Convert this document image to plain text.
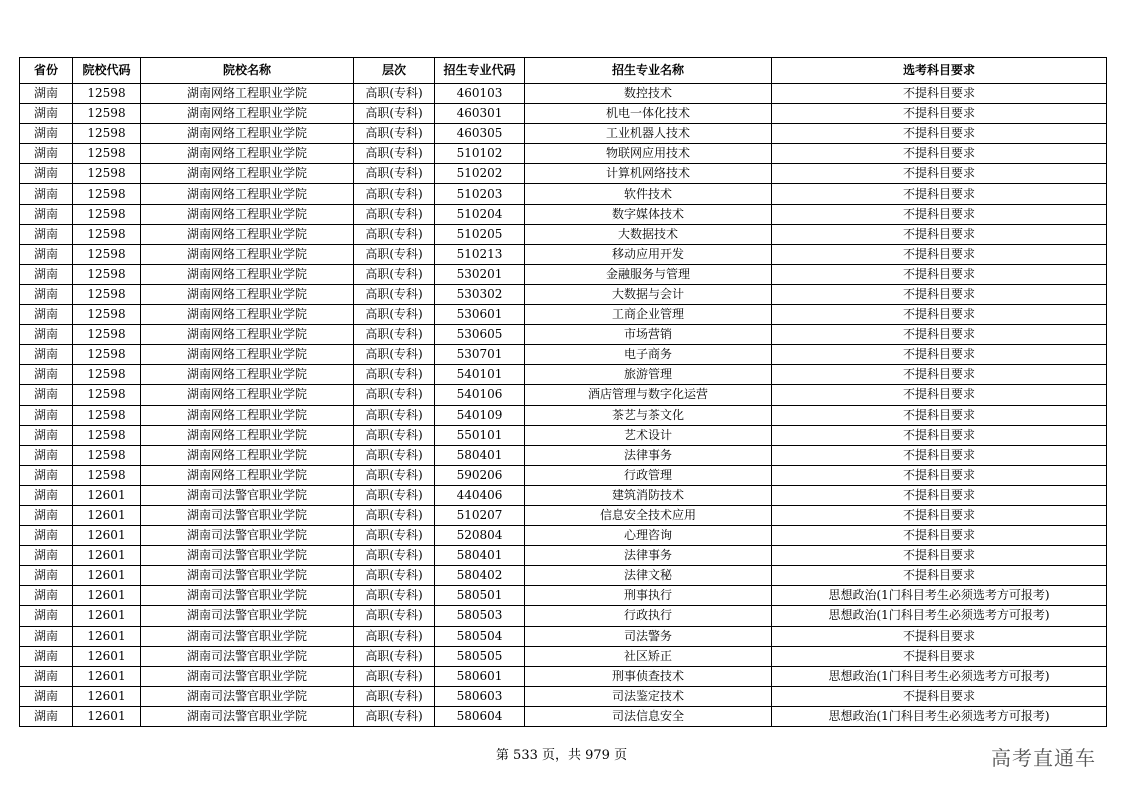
省份	院校代码	院校名称	层次	招生专业代码	招生专业名称	选考科目要求
湖南	12598	湖南网络工程职业学院	高职(专科)	460103	数控技术	不提科目要求
湖南	12598	湖南网络工程职业学院	高职(专科)	460301	机电一体化技术	不提科目要求
湖南	12598	湖南网络工程职业学院	高职(专科)	460305	工业机器人技术	不提科目要求
湖南	12598	湖南网络工程职业学院	高职(专科)	510102	物联网应用技术	不提科目要求
湖南	12598	湖南网络工程职业学院	高职(专科)	510202	计算机网络技术	不提科目要求
湖南	12598	湖南网络工程职业学院	高职(专科)	510203	软件技术	不提科目要求
湖南	12598	湖南网络工程职业学院	高职(专科)	510204	数字媒体技术	不提科目要求
湖南	12598	湖南网络工程职业学院	高职(专科)	510205	大数据技术	不提科目要求
湖南	12598	湖南网络工程职业学院	高职(专科)	510213	移动应用开发	不提科目要求
湖南	12598	湖南网络工程职业学院	高职(专科)	530201	金融服务与管理	不提科目要求
湖南	12598	湖南网络工程职业学院	高职(专科)	530302	大数据与会计	不提科目要求
湖南	12598	湖南网络工程职业学院	高职(专科)	530601	工商企业管理	不提科目要求
湖南	12598	湖南网络工程职业学院	高职(专科)	530605	市场营销	不提科目要求
湖南	12598	湖南网络工程职业学院	高职(专科)	530701	电子商务	不提科目要求
湖南	12598	湖南网络工程职业学院	高职(专科)	540101	旅游管理	不提科目要求
湖南	12598	湖南网络工程职业学院	高职(专科)	540106	酒店管理与数字化运营	不提科目要求
湖南	12598	湖南网络工程职业学院	高职(专科)	540109	茶艺与茶文化	不提科目要求
湖南	12598	湖南网络工程职业学院	高职(专科)	550101	艺术设计	不提科目要求
湖南	12598	湖南网络工程职业学院	高职(专科)	580401	法律事务	不提科目要求
湖南	12598	湖南网络工程职业学院	高职(专科)	590206	行政管理	不提科目要求
湖南	12601	湖南司法警官职业学院	高职(专科)	440406	建筑消防技术	不提科目要求
湖南	12601	湖南司法警官职业学院	高职(专科)	510207	信息安全技术应用	不提科目要求
湖南	12601	湖南司法警官职业学院	高职(专科)	520804	心理咨询	不提科目要求
湖南	12601	湖南司法警官职业学院	高职(专科)	580401	法律事务	不提科目要求
湖南	12601	湖南司法警官职业学院	高职(专科)	580402	法律文秘	不提科目要求
湖南	12601	湖南司法警官职业学院	高职(专科)	580501	刑事执行	思想政治(1门科目考生必须选考方可报考)
湖南	12601	湖南司法警官职业学院	高职(专科)	580503	行政执行	思想政治(1门科目考生必须选考方可报考)
湖南	12601	湖南司法警官职业学院	高职(专科)	580504	司法警务	不提科目要求
湖南	12601	湖南司法警官职业学院	高职(专科)	580505	社区矫正	不提科目要求
湖南	12601	湖南司法警官职业学院	高职(专科)	580601	刑事侦查技术	思想政治(1门科目考生必须选考方可报考)
湖南	12601	湖南司法警官职业学院	高职(专科)	580603	司法鉴定技术	不提科目要求
湖南	12601	湖南司法警官职业学院	高职(专科)	580604	司法信息安全	思想政治(1门科目考生必须选考方可报考)
第 533 页，共 979 页	高考直通车
